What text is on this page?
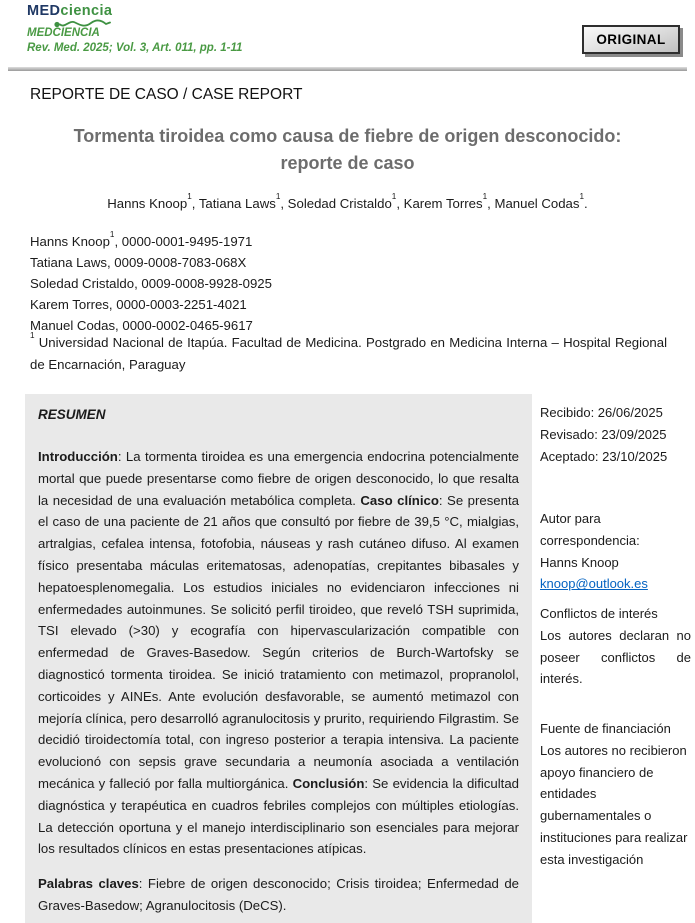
MEDciencia
MEDCIENCIA
Rev. Med. 2025; Vol. 3, Art. 011, pp. 1-11
ORIGINAL
REPORTE DE CASO / CASE REPORT
Tormenta tiroidea como causa de fiebre de origen desconocido:
reporte de caso
Hanns Knoop$^1$, Tatiana Laws$^1$, Soledad Cristaldo$^1$, Karem Torres$^1$, Manuel Codas$^1$.
Hanns Knoop$^1$, 0000-0001-9495-1971
Tatiana Laws, 0009-0008-7083-068X
Soledad Cristaldo, 0009-0008-9928-0925
Karem Torres, 0000-0003-2251-4021
Manuel Codas, 0000-0002-0465-9617
$^1$ Universidad Nacional de Itapúa. Facultad de Medicina. Postgrado en Medicina Interna – Hospital Regional de Encarnación, Paraguay
RESUMEN
Introducción: La tormenta tiroidea es una emergencia endocrina potencialmente mortal que puede presentarse como fiebre de origen desconocido, lo que resalta la necesidad de una evaluación metabólica completa. Caso clínico: Se presenta el caso de una paciente de 21 años que consultó por fiebre de 39,5 °C, mialgias, artralgias, cefalea intensa, fotofobia, náuseas y rash cutáneo difuso. Al examen físico presentaba máculas eritematosas, adenopatías, crepitantes bibasales y hepatoesplenomegalia. Los estudios iniciales no evidenciaron infecciones ni enfermedades autoinmunes. Se solicitó perfil tiroideo, que reveló TSH suprimida, TSI elevado (>30) y ecografía con hipervascularización compatible con enfermedad de Graves-Basedow. Según criterios de Burch-Wartofsky se diagnosticó tormenta tiroidea. Se inició tratamiento con metimazol, propranolol, corticoides y AINEs. Ante evolución desfavorable, se aumentó metimazol con mejoría clínica, pero desarrolló agranulocitosis y prurito, requiriendo Filgrastim. Se decidió tiroidectomía total, con ingreso posterior a terapia intensiva. La paciente evolucionó con sepsis grave secundaria a neumonía asociada a ventilación mecánica y falleció por falla multiorgánica. Conclusión: Se evidencia la dificultad diagnóstica y terapéutica en cuadros febriles complejos con múltiples etiologías. La detección oportuna y el manejo interdisciplinario son esenciales para mejorar los resultados clínicos en estas presentaciones atípicas.
Palabras claves: Fiebre de origen desconocido; Crisis tiroidea; Enfermedad de Graves-Basedow; Agranulocitosis (DeCS).
Recibido: 26/06/2025
Revisado: 23/09/2025
Aceptado: 23/10/2025
Autor para correspondencia:
Hanns Knoop
knoop@outlook.es
Conflictos de interés
Los autores declaran no poseer conflictos de interés.
Fuente de financiación
Los autores no recibieron apoyo financiero de entidades gubernamentales o instituciones para realizar esta investigación
